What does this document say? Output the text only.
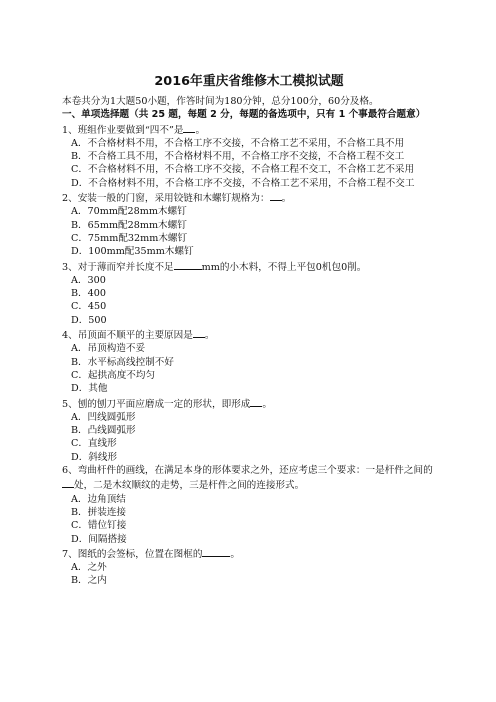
2016年重庆省维修木工模拟试题
本卷共分为1大题50小题，作答时间为180分钟，总分100分，60分及格。
一、单项选择题（共 25 题，每题 2 分，每题的备选项中，只有 1 个事最符合题意）
1、班组作业要做到“四不”是 。
A．不合格材料不用，不合格工序不交接，不合格工艺不采用，不合格工具不用
B．不合格工具不用，不合格材料不用，不合格工序不交接，不合格工程不交工
C．不合格材料不用，不合格工序不交接，不合格工程不交工，不合格工艺不采用
D．不合格材料不用，不合格工序不交接，不合格工艺不采用，不合格工程不交工
2、安装一般的门窗，采用铰链和木螺钉规格为： 。
A．70mm配28mm木螺钉
B．65mm配28mm木螺钉
C．75mm配32mm木螺钉
D．100mm配35mm木螺钉
3、对于薄而窄并长度不足	mm的小木料，不得上平包0机包0削。
A．300
B．400
C．450
D．500
4、吊顶面不顺平的主要原因是 。
A．吊顶构造不妥
B．水平标高线控制不好
C．起拱高度不均匀
D．其他
5、刨的刨刀平面应磨成一定的形状，即形成 。
A．凹线圆弧形
B．凸线圆弧形
C．直线形
D．斜线形
6、弯曲杆件的画线，在满足本身的形体要求之外，还应考虑三个要求：一是杆件之间的处，二是木纹顺纹的走势，三是杆件之间的连接形式。
A．边角顶结
B．拼装连接
C．错位钉接
D．间隔搭接
7、图纸的会签标，位置在图框的	。
A．之外
B．之内
